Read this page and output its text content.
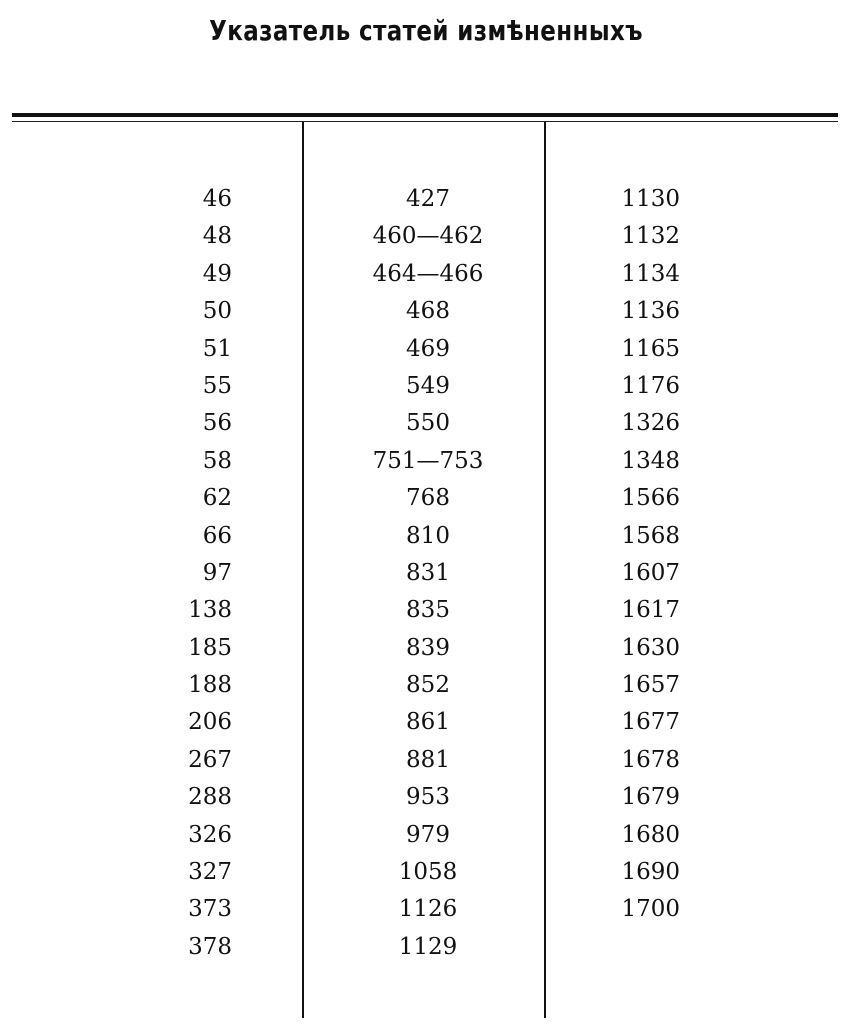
Указатель статей измѣненныхъ
46
48
49
50
51
55
56
58
62
66
97
138
185
188
206
267
288
326
327
373
378
427
460—462
464—466
468
469
549
550
751—753
768
810
831
835
839
852
861
881
953
979
1058
1126
1129
1130
1132
1134
1136
1165
1176
1326
1348
1566
1568
1607
1617
1630
1657
1677
1678
1679
1680
1690
1700
